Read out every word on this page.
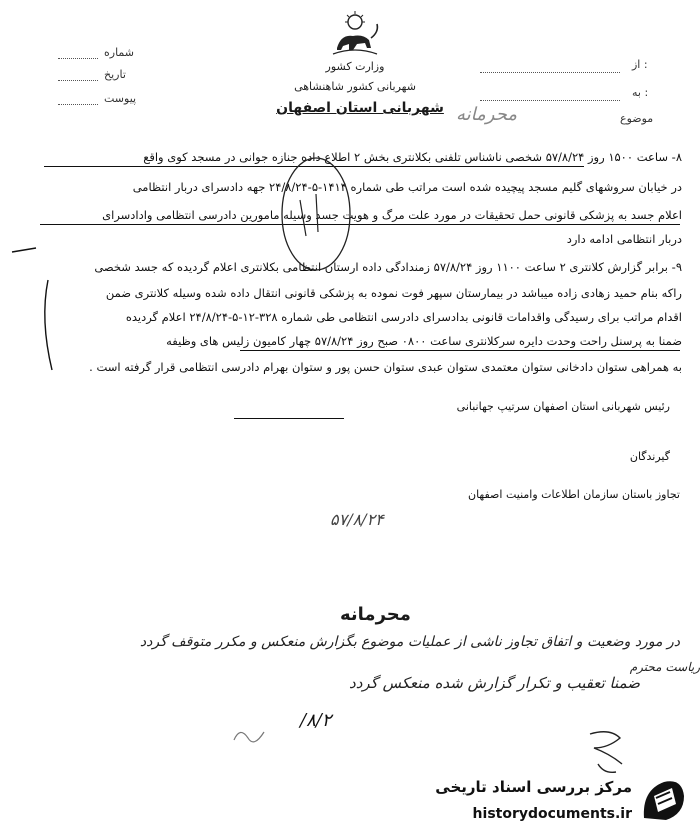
وزارت کشور
شهربانی کشور شاهنشاهی
شهربانی استان اصفهان
شماره
تاریخ
پیوست
از :
به :
موضوع
ﻣﺤﺮﻣﺎﻧﻪ
۸- ساعت ۱۵۰۰ روز ۵۷/۸/۲۴ شخصی ناشناس تلفنی بکلانتری بخش ۲ اطلاع داده جنازه جوانی در مسجد کوی واقع
در خیابان سروشهای گلیم مسجد پیچیده شده است مراتب طی شماره ۱۴۱۴-۵-۲۴/۸/۲۴ جهه دادسرای دربار انتظامی
اعلام جسد به پزشکی قانونی حمل تحقیقات در مورد علت مرگ و هویت جسد وسیله مامورین دادرسی انتظامی وادادسرای
دربار انتظامی ادامه دارد
۹- برابر گزارش کلانتری ۲ ساعت ۱۱۰۰ روز ۵۷/۸/۲۴ زمندادگی داده ارستان انتظامی بکلانتری اعلام گردیده که جسد شخصی
راکه بنام حمید زهادی زاده میباشد در بیمارستان سپهر فوت نموده به پزشکی قانونی انتقال داده شده وسیله کلانتری ضمن
اقدام مراتب برای رسیدگی واقدامات قانونی بدادسرای دادرسی انتظامی طی شماره ۳۲۸-۱۲-۵-۲۴/۸/۲۴ اعلام گردیده
ضمنا به پرسنل راحت وحدت دایره سرکلانتری ساعت ۰۸۰۰ صبح روز ۵۷/۸/۲۴ چهار کامیون زلیس های وظیفه
به همراهی ستوان دادخانی ستوان معتمدی ستوان عبدی ستوان حسن پور و ستوان بهرام دادرسی انتظامی قرار گرفته است .
رئیس شهربانی استان اصفهان سرتیپ جهانبانی
گیرندگان
تجاوز باستان سازمان اطلاعات وامنیت اصفهان
۵۷/۸/۲۴
محرمانه
در مورد وضعیت و اتفاق تجاوز ناشی از عملیات موضوع بگزارش منعکس و مکرر متوقف گردد
ریاست محترم
ضمنا تعقیب و تکرار گزارش شده منعکس گردد
۸/۲/
مرکز بررسی اسناد تاریخی
historydocuments.ir
